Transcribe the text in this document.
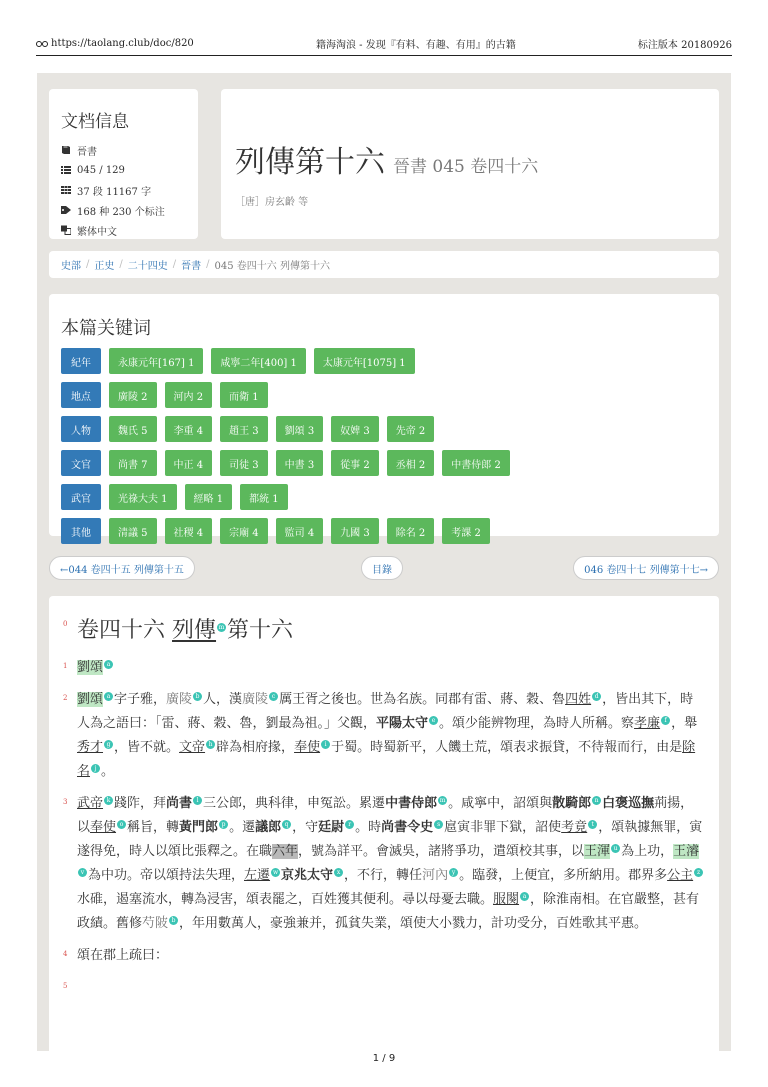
https://taolang.club/doc/820	籍海淘浪 - 发现『有料、有趣、有用』的古籍	标注版本 20180926
文档信息
晉書
045 / 129
37 段 11167 字
168 种 230 个标注
繁体中文
列傳第十六 晉書 045 卷四十六
［唐］房玄齡 等
史部 / 正史 / 二十四史 / 晉書 / 045 卷四十六 列傳第十六
本篇关键词
紀年	永康元年[167] 1	咸寧二年[400] 1	太康元年[1075] 1
地点	廣陵 2	河内 2	而衛 1
人物	魏氏 5	李重 4	趙王 3	劉頌 3	奴婢 3	先帝 2
文官	尚書 7	中正 4	司徒 3	中書 3	從事 2	丞相 2	中書侍郎 2
武官	光祿大夫 1	經略 1	都統 1
其他	清議 5	社稷 4	宗廟 4	監司 4	九國 3	除名 2	考課 2
←044 卷四十五 列傳第十五	目錄	046 卷四十七 列傳第十七→
0 卷四十六 列傳 m 第十六
1 劉頌 a
2 劉頌 a 字子雅，廣陵 b 人，漢廣陵 c 厲王胥之後也。世為名族。同郡有雷、蔣、穀、魯四姓 d ，皆出其下，時人為之語曰：「雷、蔣、穀、魯，劉最為祖。」父觀，平陽太守 e 。頌少能辨物理，為時人所稱。察孝廉 f ，舉秀才 g ，皆不就。文帝 h 辟為相府掾，奉使 i 于蜀。時蜀新平，人饑土荒，頌表求振貸，不待報而行，由是除名 j 。
3 武帝 k 踐阼，拜尚書 l 三公郎，典科律，申冤訟。累遷中書侍郎 m 。咸寧中，詔頌與散騎郎 n 白褒巡撫荊揚，以奉使 o 稱旨，轉黃門郎 p 。遷議郎 q ，守廷尉 r 。時尚書令史 s 扈寅非罪下獄，詔使考竟 t ，頌執據無罪，寅遂得免，時人以頌比張釋之。在職六年，號為詳平。會滅吳，諸將爭功，遣頌校其事，以王渾 u 為上功，王濬v 為中功。帝以頌持法失理，左遷 w 京兆太守 x ，不行，轉任河內 y 。臨發，上便宜，多所納用。郡界多公主 z水碓，遏塞流水，轉為浸害，頌表罷之，百姓獲其便利。尋以母憂去職。服闋 a ，除淮南相。在官嚴整，甚有政績。舊修芍陂 b ，年用數萬人，豪強兼并，孤貧失業，頌使大小戮力，計功受分，百姓歌其平惠。
4 頌在郡上疏曰：
5
1 / 9
